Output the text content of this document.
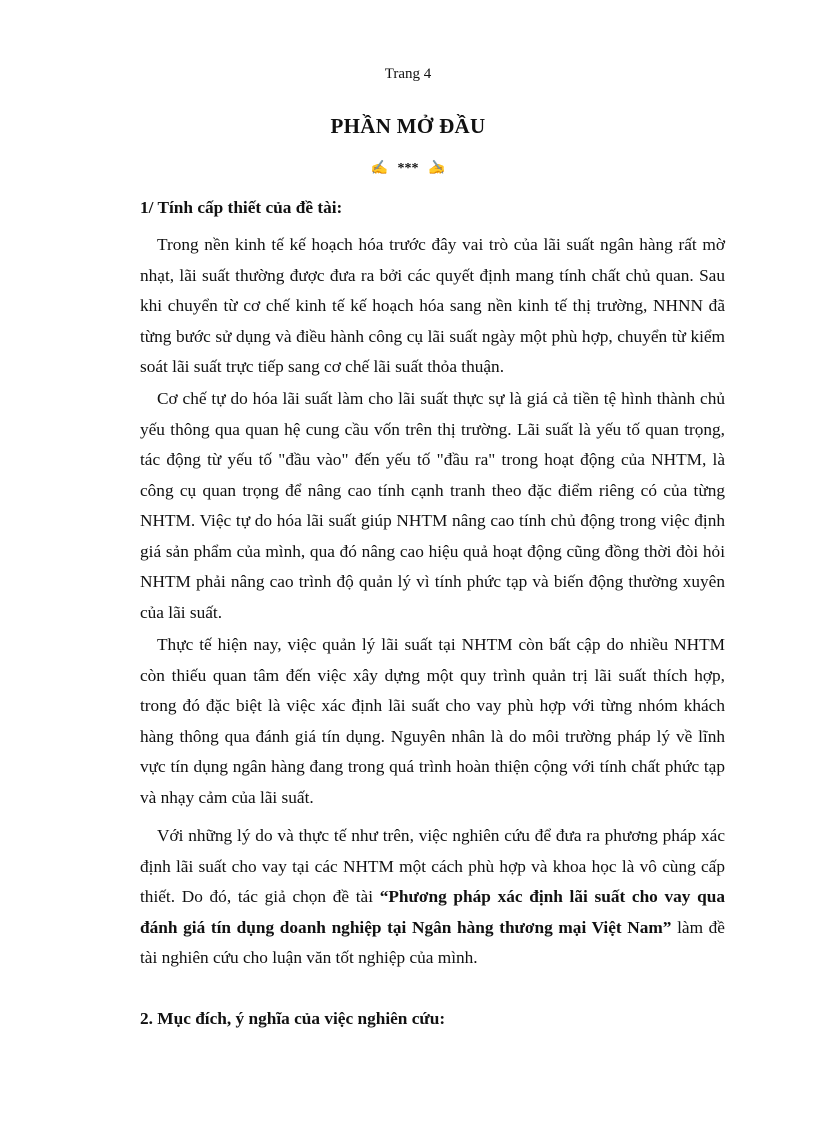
Trang 4
PHẦN MỞ ĐẦU
✍ *** ✍
1/ Tính cấp thiết của đề tài:

Trong nền kinh tế kế hoạch hóa trước đây vai trò của lãi suất ngân hàng rất mờ nhạt, lãi suất thường được đưa ra bởi các quyết định mang tính chất chủ quan. Sau khi chuyển từ cơ chế kinh tế kế hoạch hóa sang nền kinh tế thị trường, NHNN đã từng bước sử dụng và điều hành công cụ lãi suất ngày một phù hợp, chuyển từ kiểm soát lãi suất trực tiếp sang cơ chế lãi suất thỏa thuận.

Cơ chế tự do hóa lãi suất làm cho lãi suất thực sự là giá cả tiền tệ hình thành chủ yếu thông qua quan hệ cung cầu vốn trên thị trường. Lãi suất là yếu tố quan trọng, tác động từ yếu tố "đầu vào" đến yếu tố "đầu ra" trong hoạt động của NHTM, là công cụ quan trọng để nâng cao tính cạnh tranh theo đặc điểm riêng có của từng NHTM. Việc tự do hóa lãi suất giúp NHTM nâng cao tính chủ động trong việc định giá sản phẩm của mình, qua đó nâng cao hiệu quả hoạt động cũng đồng thời đòi hỏi NHTM phải nâng cao trình độ quản lý vì tính phức tạp và biến động thường xuyên của lãi suất.

Thực tế hiện nay, việc quản lý lãi suất tại NHTM còn bất cập do nhiều NHTM còn thiếu quan tâm đến việc xây dựng một quy trình quản trị lãi suất thích hợp, trong đó đặc biệt là việc xác định lãi suất cho vay phù hợp với từng nhóm khách hàng thông qua đánh giá tín dụng. Nguyên nhân là do môi trường pháp lý về lĩnh vực tín dụng ngân hàng đang trong quá trình hoàn thiện cộng với tính chất phức tạp và nhạy cảm của lãi suất.

Với những lý do và thực tế như trên, việc nghiên cứu để đưa ra phương pháp xác định lãi suất cho vay tại các NHTM một cách phù hợp và khoa học là vô cùng cấp thiết. Do đó, tác giả chọn đề tài “Phương pháp xác định lãi suất cho vay qua đánh giá tín dụng doanh nghiệp tại Ngân hàng thương mại Việt Nam” làm đề tài nghiên cứu cho luận văn tốt nghiệp của mình.

2. Mục đích, ý nghĩa của việc nghiên cứu:
